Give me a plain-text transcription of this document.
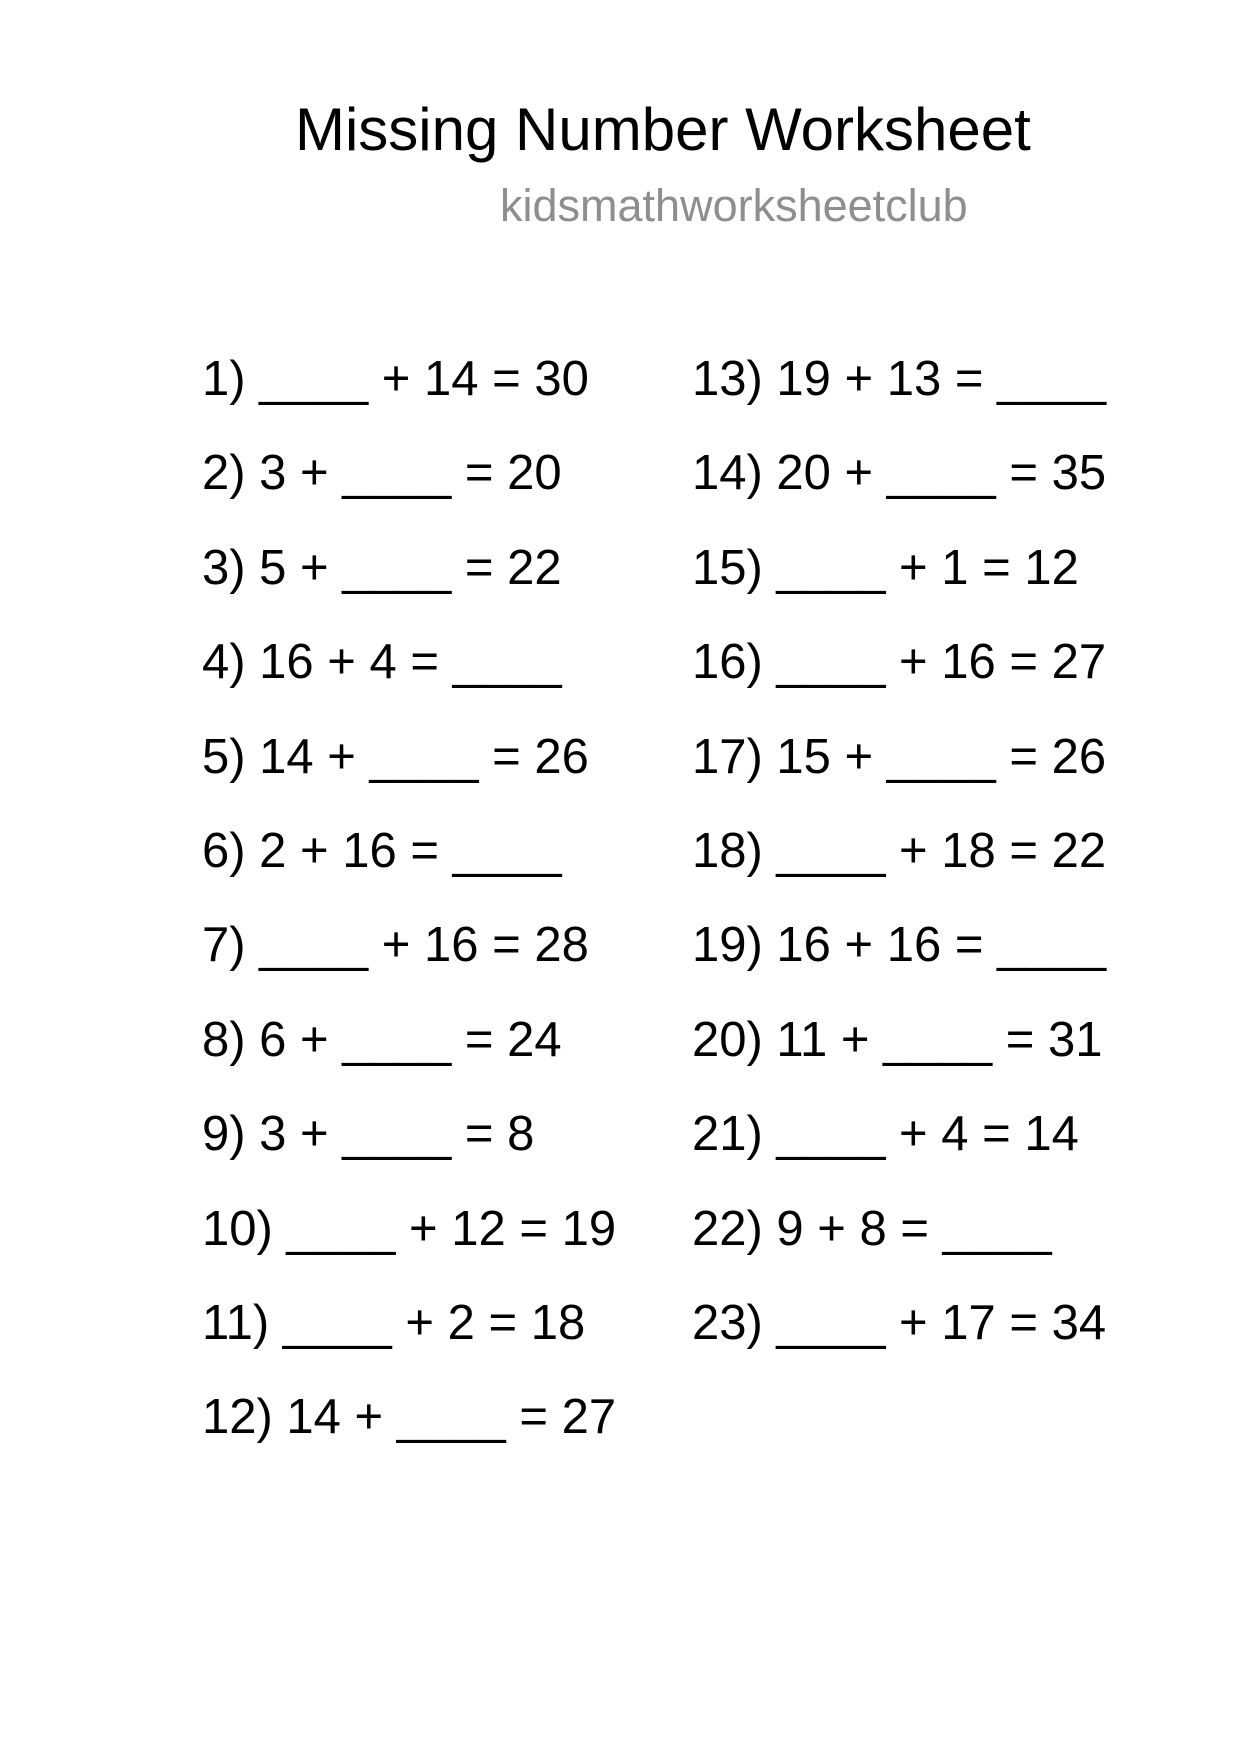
Missing Number Worksheet
kidsmathworksheetclub
1) ____ + 14 = 30
2) 3 + ____ = 20
3) 5 + ____ = 22
4) 16 + 4 = ____
5) 14 + ____ = 26
6) 2 + 16 = ____
7) ____ + 16 = 28
8) 6 + ____ = 24
9) 3 + ____ = 8
10) ____ + 12 = 19
11) ____ + 2 = 18
12) 14 + ____ = 27
13) 19 + 13 = ____
14) 20 + ____ = 35
15) ____ + 1 = 12
16) ____ + 16 = 27
17) 15 + ____ = 26
18) ____ + 18 = 22
19) 16 + 16 = ____
20) 11 + ____ = 31
21) ____ + 4 = 14
22) 9 + 8 = ____
23) ____ + 17 = 34
